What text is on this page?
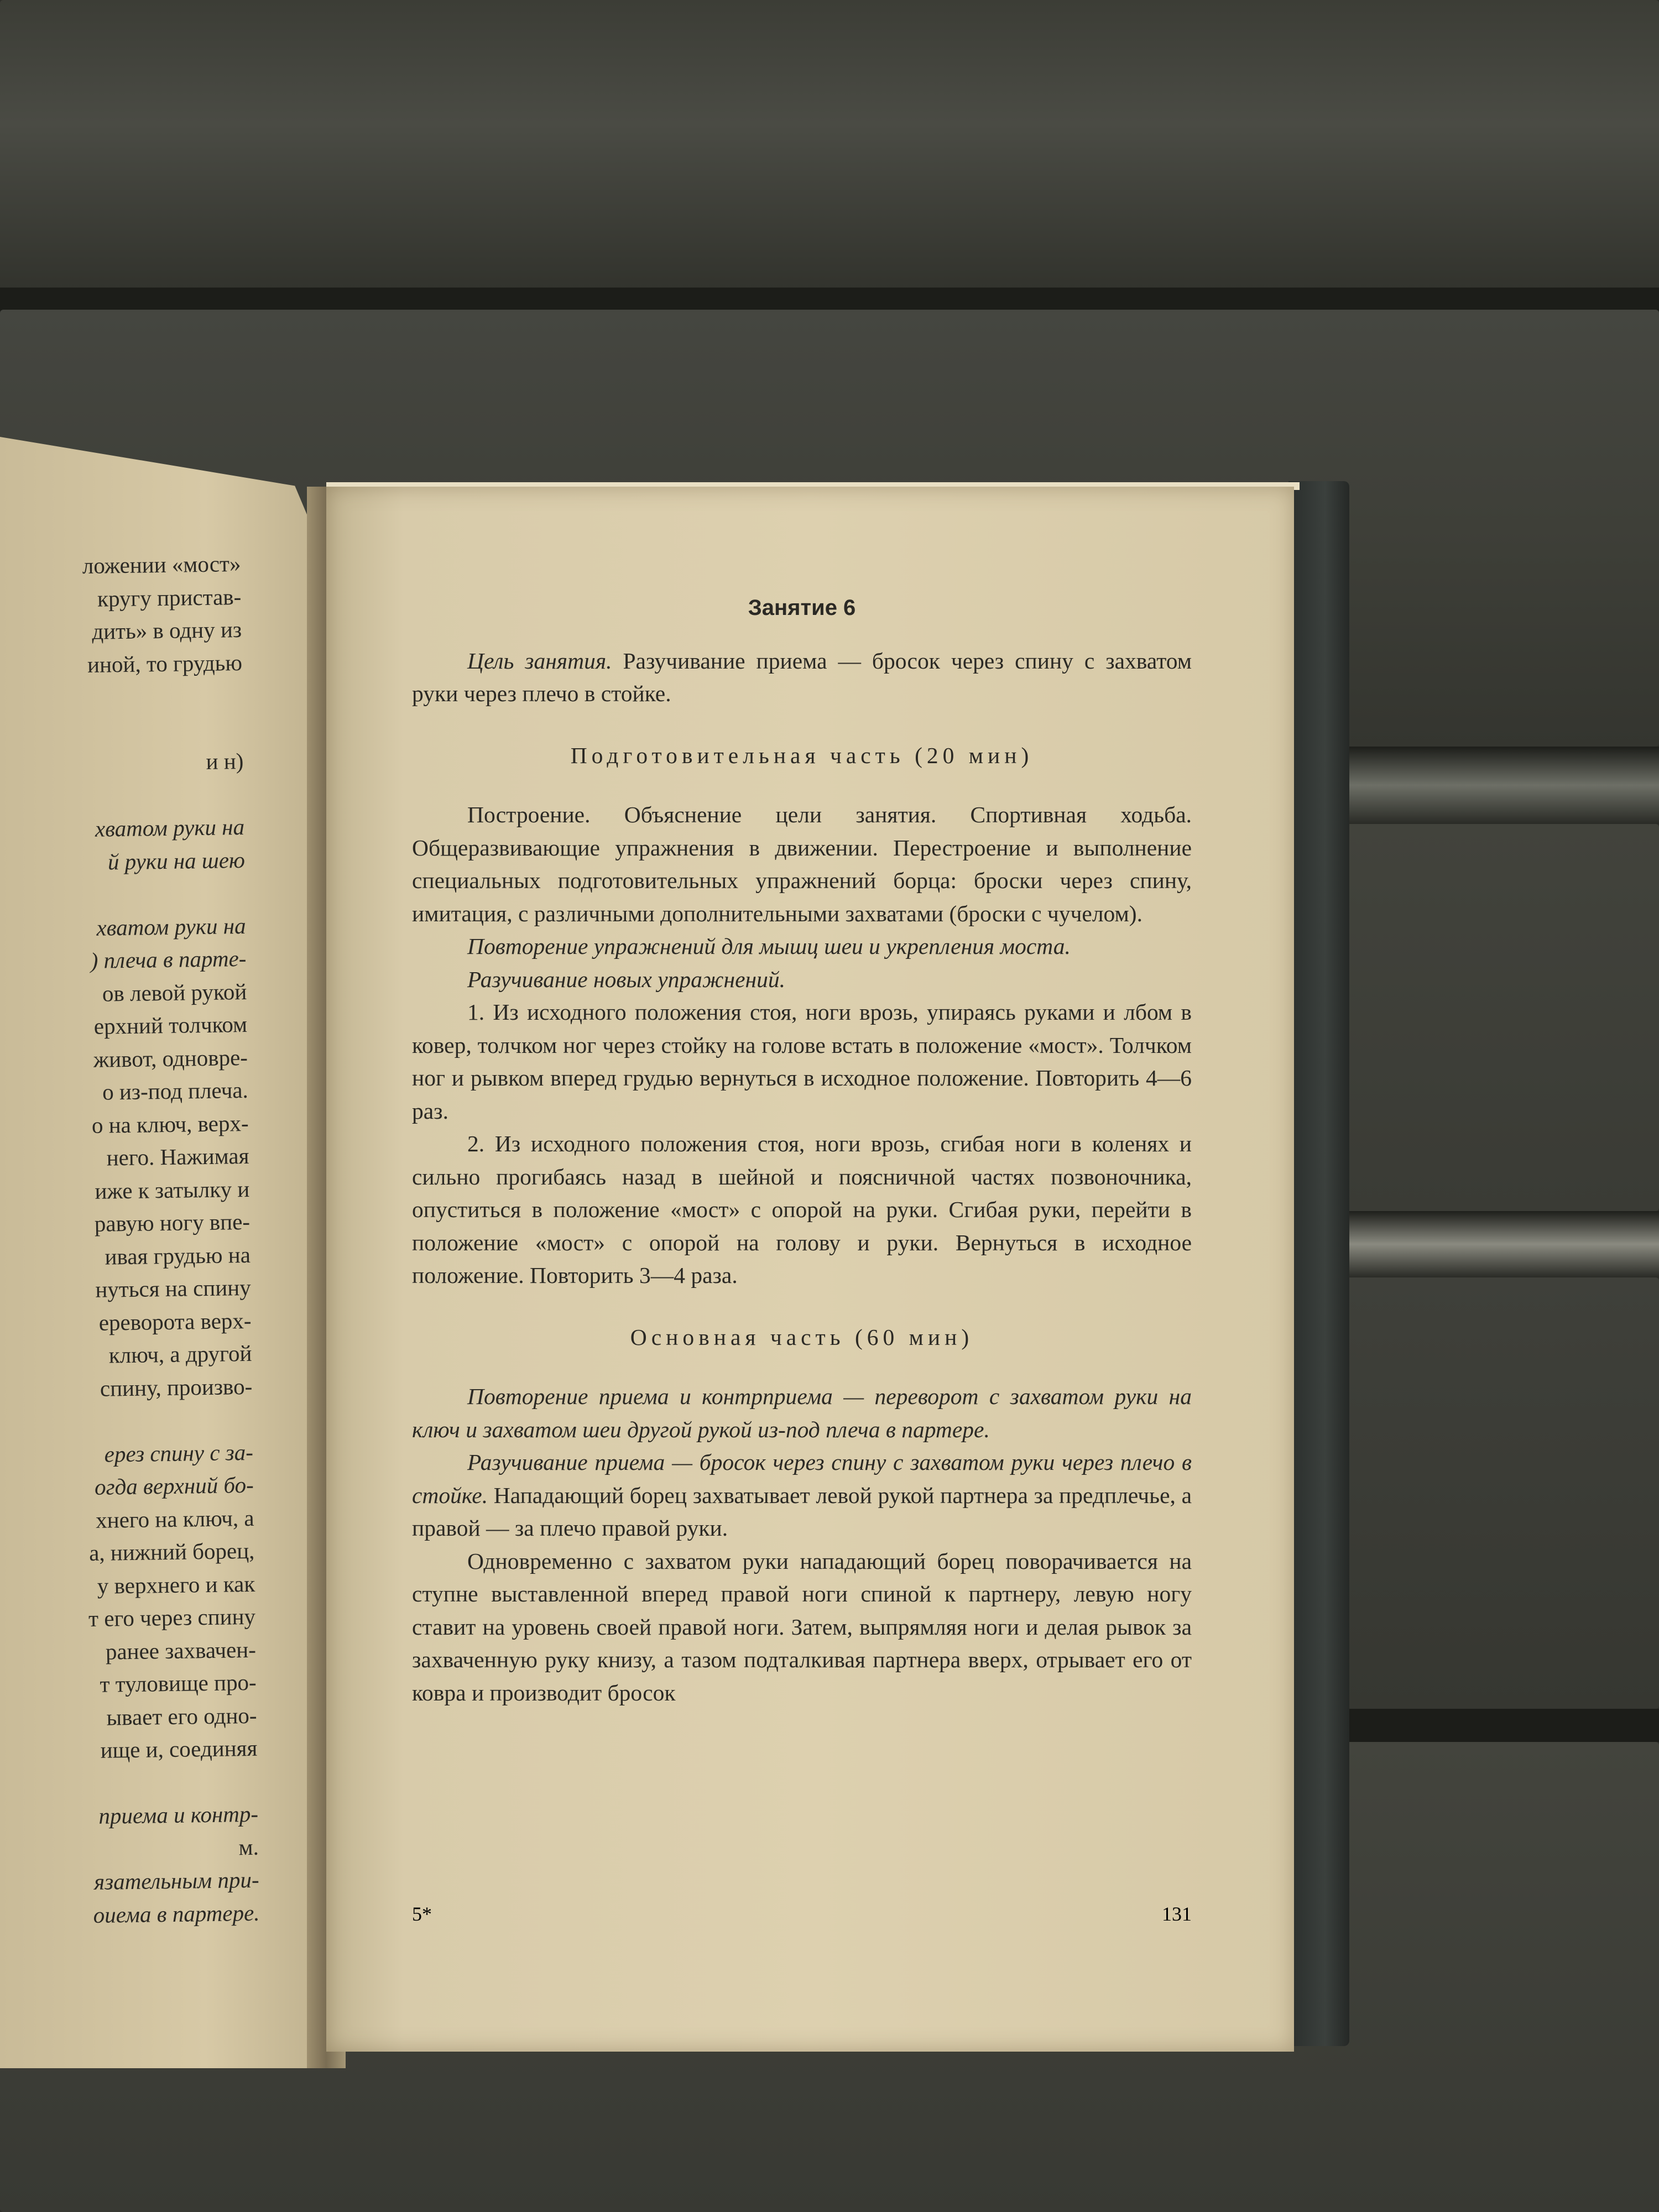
ложении «мост»
кругу пристав-
дить» в одну из
иной, то грудью

и н)

хватом руки на
й руки на шею

хватом руки на
) плеча в парте-
ов левой рукой
ерхний толчком
живот, одновре-
о из-под плеча.
о на ключ, верх-
него. Нажимая
иже к затылку и
равую ногу впе-
ивая грудью на
нуться на спину
ереворота верх-
ключ, а другой
спину, произво-

ерез спину с за-
огда верхний бо-
хнего на ключ, а
а, нижний борец,
у верхнего и как
т его через спину
ранее захвачен-
т туловище про-
ывает его одно-
ище и, соединяя

приема и контр-
м.
язательным при-
оиема в партере.

Занятие 6

Цель занятия. Разучивание приема — бросок через спину с захватом руки через плечо в стойке.

Подготовительная часть (20 мин)

Построение. Объяснение цели занятия. Спортивная ходьба. Общеразвивающие упражнения в движении. Перестроение и выполнение специальных подготовительных упражнений борца: броски через спину, имитация, с различными дополнительными захватами (броски с чучелом).

Повторение упражнений для мышц шеи и укрепления моста.

Разучивание новых упражнений.

1. Из исходного положения стоя, ноги врозь, упираясь руками и лбом в ковер, толчком ног через стойку на голове встать в положение «мост». Толчком ног и рывком вперед грудью вернуться в исходное положение. Повторить 4—6 раз.

2. Из исходного положения стоя, ноги врозь, сгибая ноги в коленях и сильно прогибаясь назад в шейной и поясничной частях позвоночника, опуститься в положение «мост» с опорой на руки. Сгибая руки, перейти в положение «мост» с опорой на голову и руки. Вернуться в исходное положение. Повторить 3—4 раза.

Основная часть (60 мин)

Повторение приема и контрприема — переворот с захватом руки на ключ и захватом шеи другой рукой из-под плеча в партере.

Разучивание приема — бросок через спину с захватом руки через плечо в стойке. Нападающий борец захватывает левой рукой партнера за предплечье, а правой — за плечо правой руки.

Одновременно с захватом руки нападающий борец поворачивается на ступне выставленной вперед правой ноги спиной к партнеру, левую ногу ставит на уровень своей правой ноги. Затем, выпрямляя ноги и делая рывок за захваченную руку книзу, а тазом подталкивая партнера вверх, отрывает его от ковра и производит бросок

5*	131
